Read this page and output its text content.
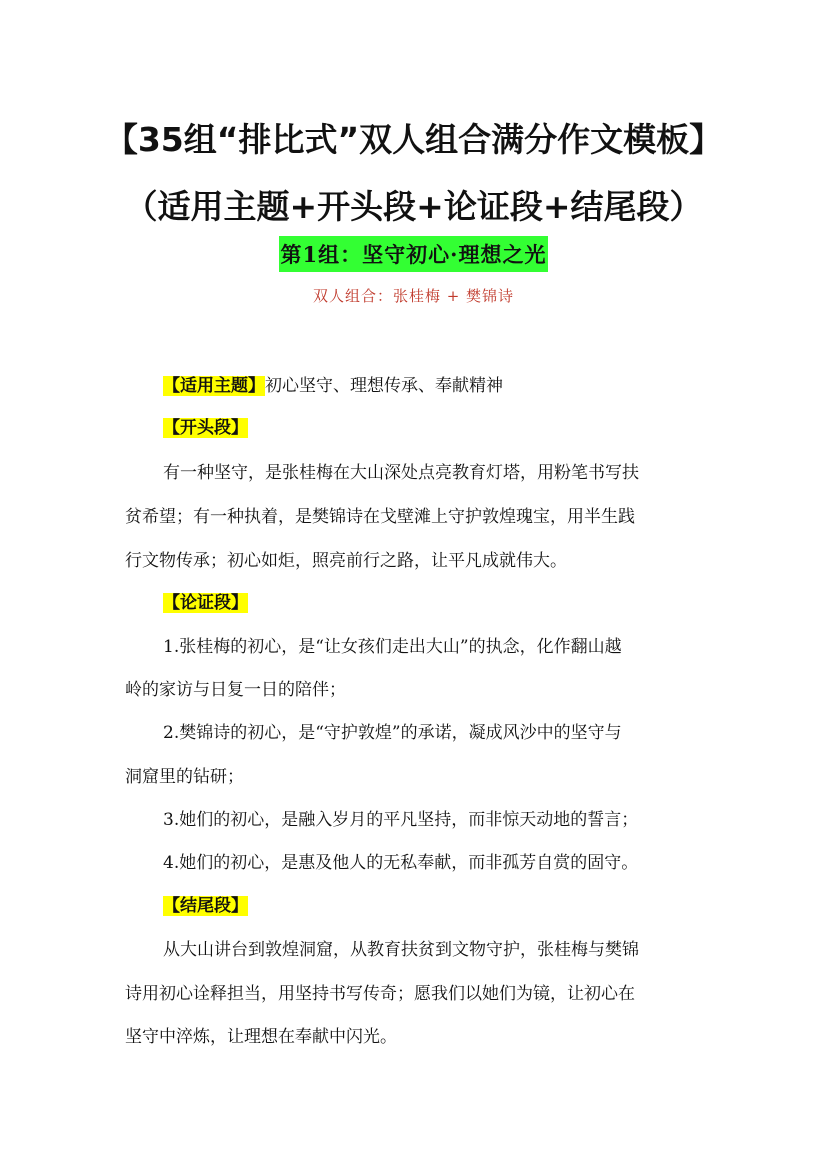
【35组“排比式”双人组合满分作文模板】
（适用主题+开头段+论证段+结尾段）
第1组：坚守初心·理想之光
双人组合：张桂梅 + 樊锦诗
【适用主题】初心坚守、理想传承、奉献精神
【开头段】
有一种坚守，是张桂梅在大山深处点亮教育灯塔，用粉笔书写扶
贫希望；有一种执着，是樊锦诗在戈壁滩上守护敦煌瑰宝，用半生践
行文物传承；初心如炬，照亮前行之路，让平凡成就伟大。
【论证段】
1.张桂梅的初心，是“让女孩们走出大山”的执念，化作翻山越
岭的家访与日复一日的陪伴；
2.樊锦诗的初心，是“守护敦煌”的承诺，凝成风沙中的坚守与
洞窟里的钻研；
3.她们的初心，是融入岁月的平凡坚持，而非惊天动地的誓言；
4.她们的初心，是惠及他人的无私奉献，而非孤芳自赏的固守。
【结尾段】
从大山讲台到敦煌洞窟，从教育扶贫到文物守护，张桂梅与樊锦
诗用初心诠释担当，用坚持书写传奇；愿我们以她们为镜，让初心在
坚守中淬炼，让理想在奉献中闪光。
